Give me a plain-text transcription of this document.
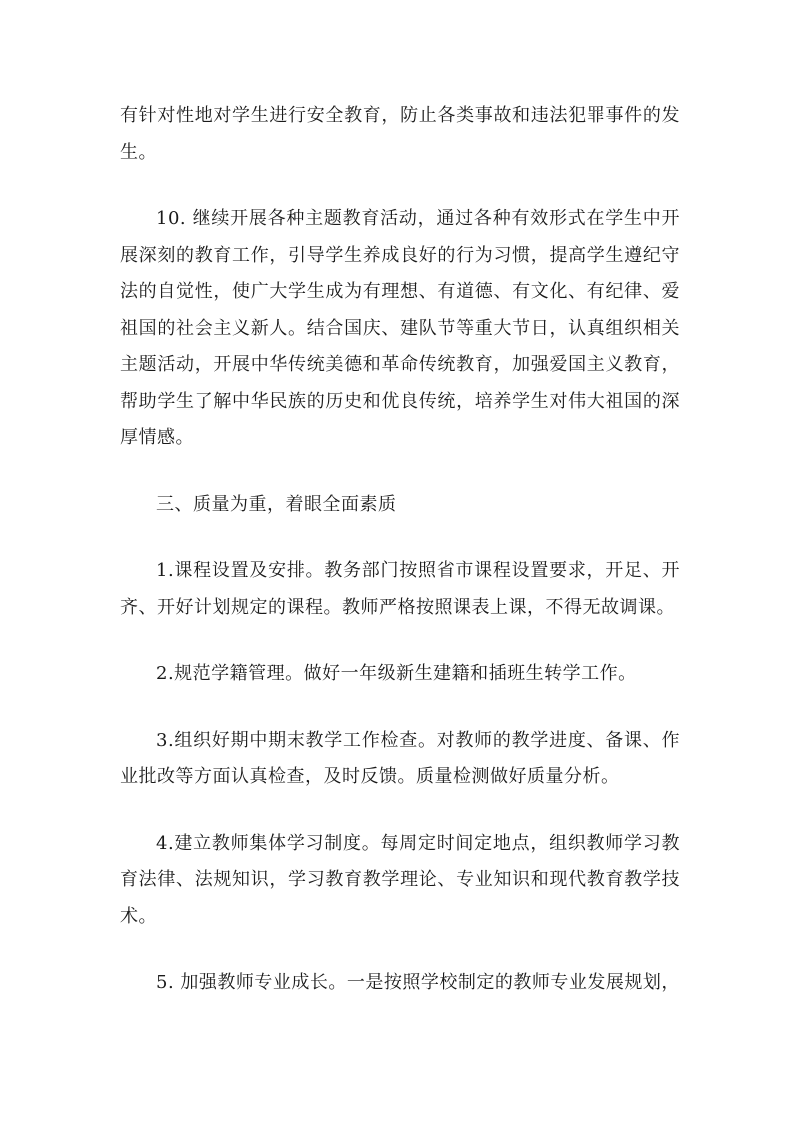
有针对性地对学生进行安全教育，防止各类事故和违法犯罪事件的发生。

10. 继续开展各种主题教育活动，通过各种有效形式在学生中开展深刻的教育工作，引导学生养成良好的行为习惯，提高学生遵纪守法的自觉性，使广大学生成为有理想、有道德、有文化、有纪律、爱祖国的社会主义新人。结合国庆、建队节等重大节日，认真组织相关主题活动，开展中华传统美德和革命传统教育，加强爱国主义教育，帮助学生了解中华民族的历史和优良传统，培养学生对伟大祖国的深厚情感。

三、质量为重，着眼全面素质

1.课程设置及安排。教务部门按照省市课程设置要求，开足、开齐、开好计划规定的课程。教师严格按照课表上课，不得无故调课。

2.规范学籍管理。做好一年级新生建籍和插班生转学工作。

3.组织好期中期末教学工作检查。对教师的教学进度、备课、作业批改等方面认真检查，及时反馈。质量检测做好质量分析。

4.建立教师集体学习制度。每周定时间定地点，组织教师学习教育法律、法规知识，学习教育教学理论、专业知识和现代教育教学技术。

5. 加强教师专业成长。一是按照学校制定的教师专业发展规划，
